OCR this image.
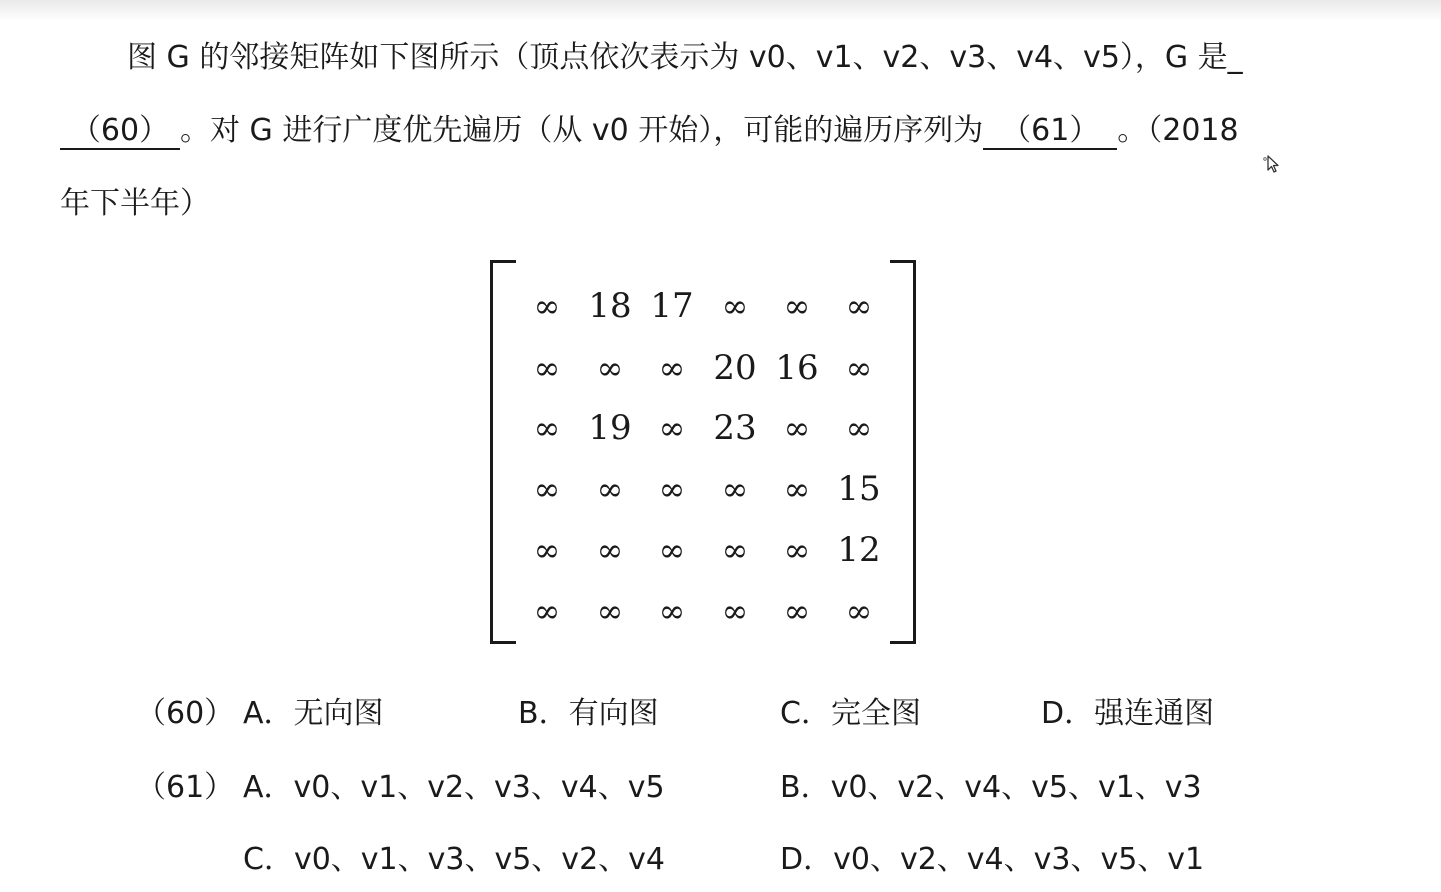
图 G 的邻接矩阵如下图所示（顶点依次表示为 v0、v1、v2、v3、v4、v5），G 是_
（60） 。对 G 进行广度优先遍历（从 v0 开始），可能的遍历序列为 （61） 。（2018
年下半年）
∞ 18 17 ∞	∞	∞
∞	∞	∞ 20 16 ∞
∞ 19 ∞ 23 ∞	∞
∞	∞	∞	∞	∞ 15
∞	∞	∞	∞	∞ 12
∞	∞	∞	∞	∞	∞
（60） A．无向图	B．有向图	C．完全图	D．强连通图
（61） A．v0、v1、v2、v3、v4、v5	B．v0、v2、v4、v5、v1、v3
C．v0、v1、v3、v5、v2、v4	D．v0、v2、v4、v3、v5、v1
